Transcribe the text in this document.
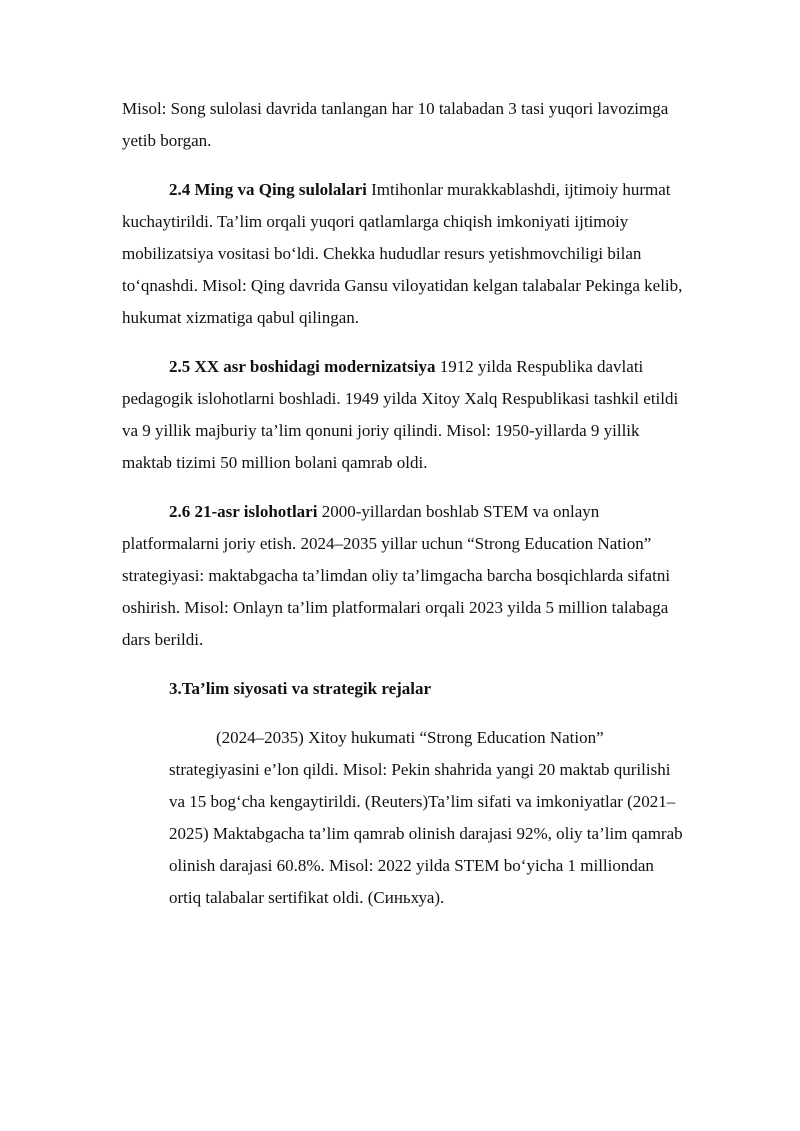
Misol: Song sulolasi davrida tanlangan har 10 talabadan 3 tasi yuqori lavozimga yetib borgan.

2.4 Ming va Qing sulolalari Imtihonlar murakkablashdi, ijtimoiy hurmat kuchaytirildi. Ta’lim orqali yuqori qatlamlarga chiqish imkoniyati ijtimoiy mobilizatsiya vositasi bo‘ldi. Chekka hududlar resurs yetishmovchiligi bilan to‘qnashdi. Misol: Qing davrida Gansu viloyatidan kelgan talabalar Pekinga kelib, hukumat xizmatiga qabul qilingan.

2.5 XX asr boshidagi modernizatsiya 1912 yilda Respublika davlati pedagogik islohotlarni boshladi. 1949 yilda Xitoy Xalq Respublikasi tashkil etildi va 9 yillik majburiy ta’lim qonuni joriy qilindi. Misol: 1950-yillarda 9 yillik maktab tizimi 50 million bolani qamrab oldi.

2.6 21-asr islohotlari 2000-yillardan boshlab STEM va onlayn platformalarni joriy etish. 2024–2035 yillar uchun “Strong Education Nation” strategiyasi: maktabgacha ta’limdan oliy ta’limgacha barcha bosqichlarda sifatni oshirish. Misol: Onlayn ta’lim platformalari orqali 2023 yilda 5 million talabaga dars berildi.

3.Ta’lim siyosati va strategik rejalar

(2024–2035) Xitoy hukumati “Strong Education Nation” strategiyasini e’lon qildi. Misol: Pekin shahrida yangi 20 maktab qurilishi va 15 bog‘cha kengaytirildi. (Reuters)Ta’lim sifati va imkoniyatlar (2021–2025) Maktabgacha ta’lim qamrab olinish darajasi 92%, oliy ta’lim qamrab olinish darajasi 60.8%. Misol: 2022 yilda STEM bo‘yicha 1 milliondan ortiq talabalar sertifikat oldi. (Синьхуа).
